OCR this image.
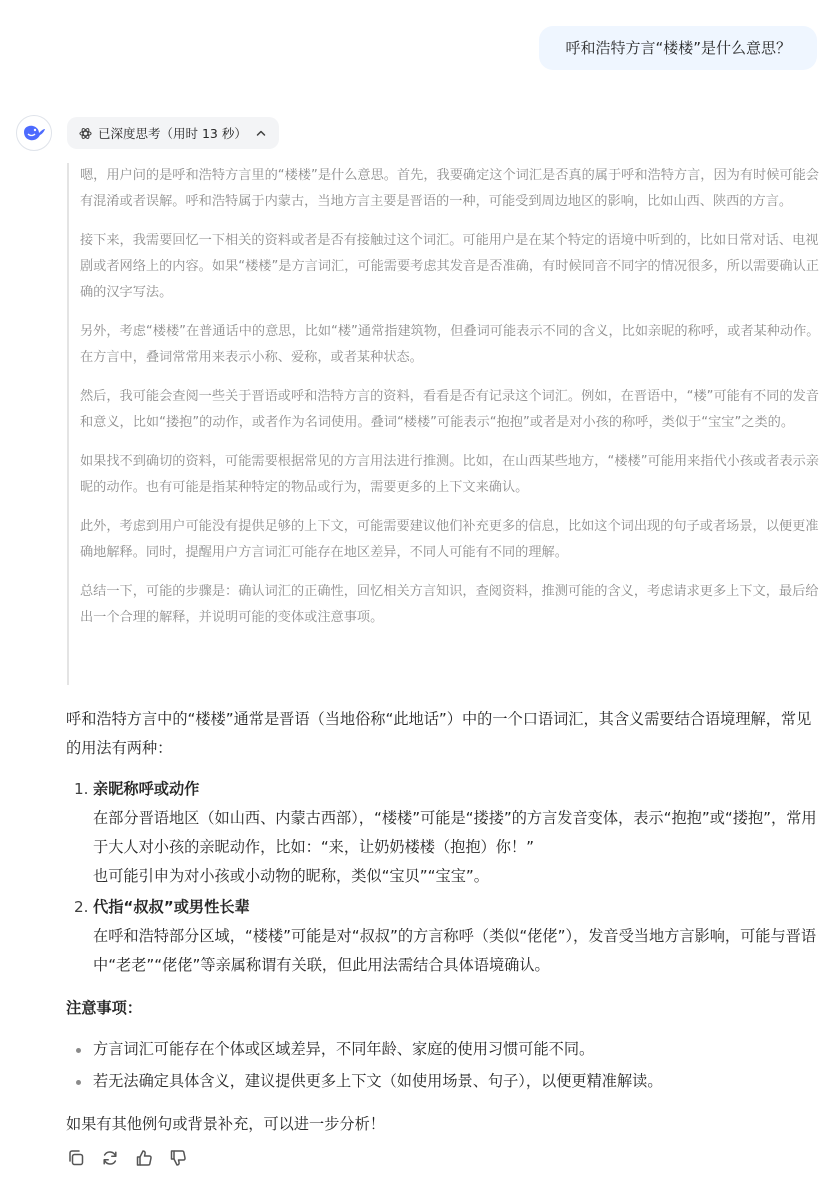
呼和浩特方言“楼楼”是什么意思？
已深度思考（用时 13 秒）

嗯，用户问的是呼和浩特方言里的“楼楼”是什么意思。首先，我要确定这个词汇是否真的属于呼和浩特方言，因为有时候可能会有混淆或者误解。呼和浩特属于内蒙古，当地方言主要是晋语的一种，可能受到周边地区的影响，比如山西、陕西的方言。

接下来，我需要回忆一下相关的资料或者是否有接触过这个词汇。可能用户是在某个特定的语境中听到的，比如日常对话、电视剧或者网络上的内容。如果“楼楼”是方言词汇，可能需要考虑其发音是否准确，有时候同音不同字的情况很多，所以需要确认正确的汉字写法。

另外，考虑“楼楼”在普通话中的意思，比如“楼”通常指建筑物，但叠词可能表示不同的含义，比如亲昵的称呼，或者某种动作。在方言中，叠词常常用来表示小称、爱称，或者某种状态。

然后，我可能会查阅一些关于晋语或呼和浩特方言的资料，看看是否有记录这个词汇。例如，在晋语中，“楼”可能有不同的发音和意义，比如“搂抱”的动作，或者作为名词使用。叠词“楼楼”可能表示“抱抱”或者是对小孩的称呼，类似于“宝宝”之类的。

如果找不到确切的资料，可能需要根据常见的方言用法进行推测。比如，在山西某些地方，“楼楼”可能用来指代小孩或者表示亲昵的动作。也有可能是指某种特定的物品或行为，需要更多的上下文来确认。

此外，考虑到用户可能没有提供足够的上下文，可能需要建议他们补充更多的信息，比如这个词出现的句子或者场景，以便更准确地解释。同时，提醒用户方言词汇可能存在地区差异，不同人可能有不同的理解。

总结一下，可能的步骤是：确认词汇的正确性，回忆相关方言知识，查阅资料，推测可能的含义，考虑请求更多上下文，最后给出一个合理的解释，并说明可能的变体或注意事项。

呼和浩特方言中的“楼楼”通常是晋语（当地俗称“此地话”）中的一个口语词汇，其含义需要结合语境理解，常见的用法有两种：

1. 亲昵称呼或动作
在部分晋语地区（如山西、内蒙古西部），“楼楼”可能是“搂搂”的方言发音变体，表示“抱抱”或“搂抱”，常用于大人对小孩的亲昵动作，比如：“来，让奶奶楼楼（抱抱）你！”
也可能引申为对小孩或小动物的昵称，类似“宝贝”“宝宝”。
2. 代指“叔叔”或男性长辈
在呼和浩特部分区域，“楼楼”可能是对“叔叔”的方言称呼（类似“佬佬”），发音受当地方言影响，可能与晋语中“老老”“佬佬”等亲属称谓有关联，但此用法需结合具体语境确认。
注意事项：
方言词汇可能存在个体或区域差异，不同年龄、家庭的使用习惯可能不同。
若无法确定具体含义，建议提供更多上下文（如使用场景、句子），以便更精准解读。

如果有其他例句或背景补充，可以进一步分析！
